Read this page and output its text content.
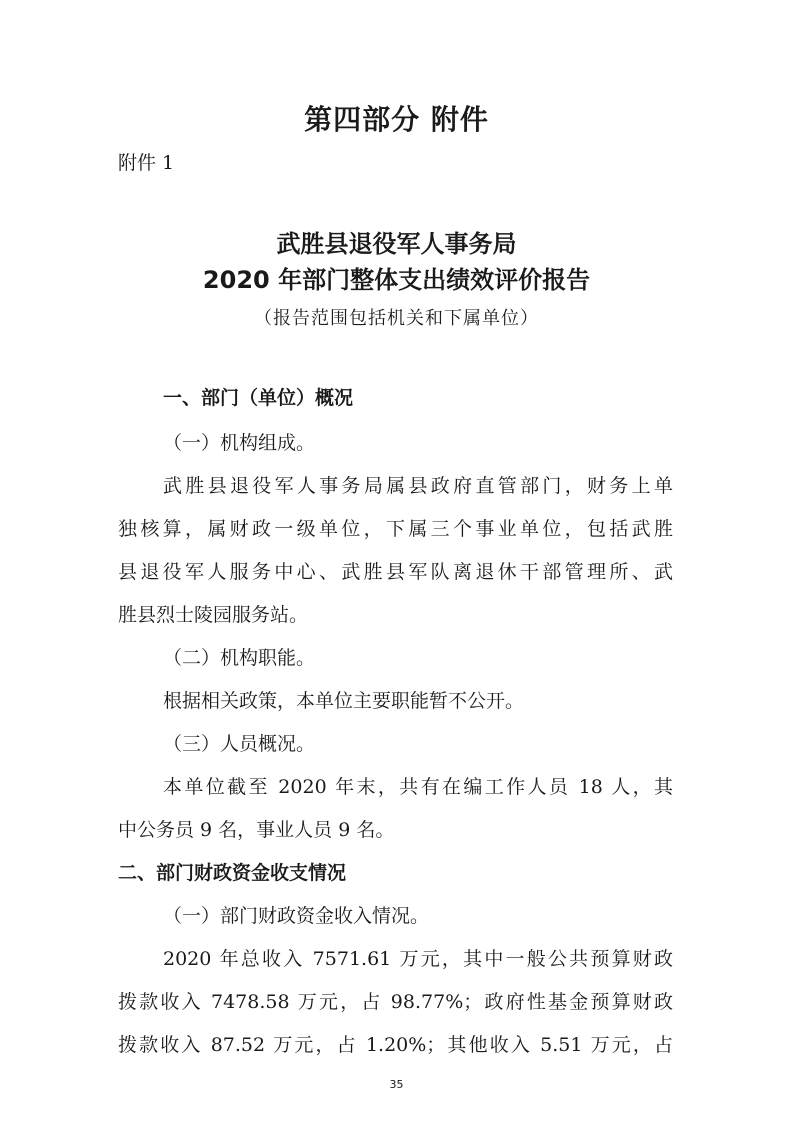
第四部分 附件
附件 1
武胜县退役军人事务局
2020 年部门整体支出绩效评价报告
（报告范围包括机关和下属单位）
一、部门（单位）概况
（一）机构组成。
武胜县退役军人事务局属县政府直管部门，财务上单
独核算，属财政一级单位，下属三个事业单位，包括武胜
县退役军人服务中心、武胜县军队离退休干部管理所、武
胜县烈士陵园服务站。
（二）机构职能。
根据相关政策，本单位主要职能暂不公开。
（三）人员概况。
本单位截至 2020 年末，共有在编工作人员 18 人，其
中公务员 9 名，事业人员 9 名。
二、部门财政资金收支情况
（一）部门财政资金收入情况。
2020 年总收入 7571.61 万元，其中一般公共预算财政
拨款收入 7478.58 万元，占 98.77%；政府性基金预算财政
拨款收入 87.52 万元，占 1.20%；其他收入 5.51 万元，占
35
